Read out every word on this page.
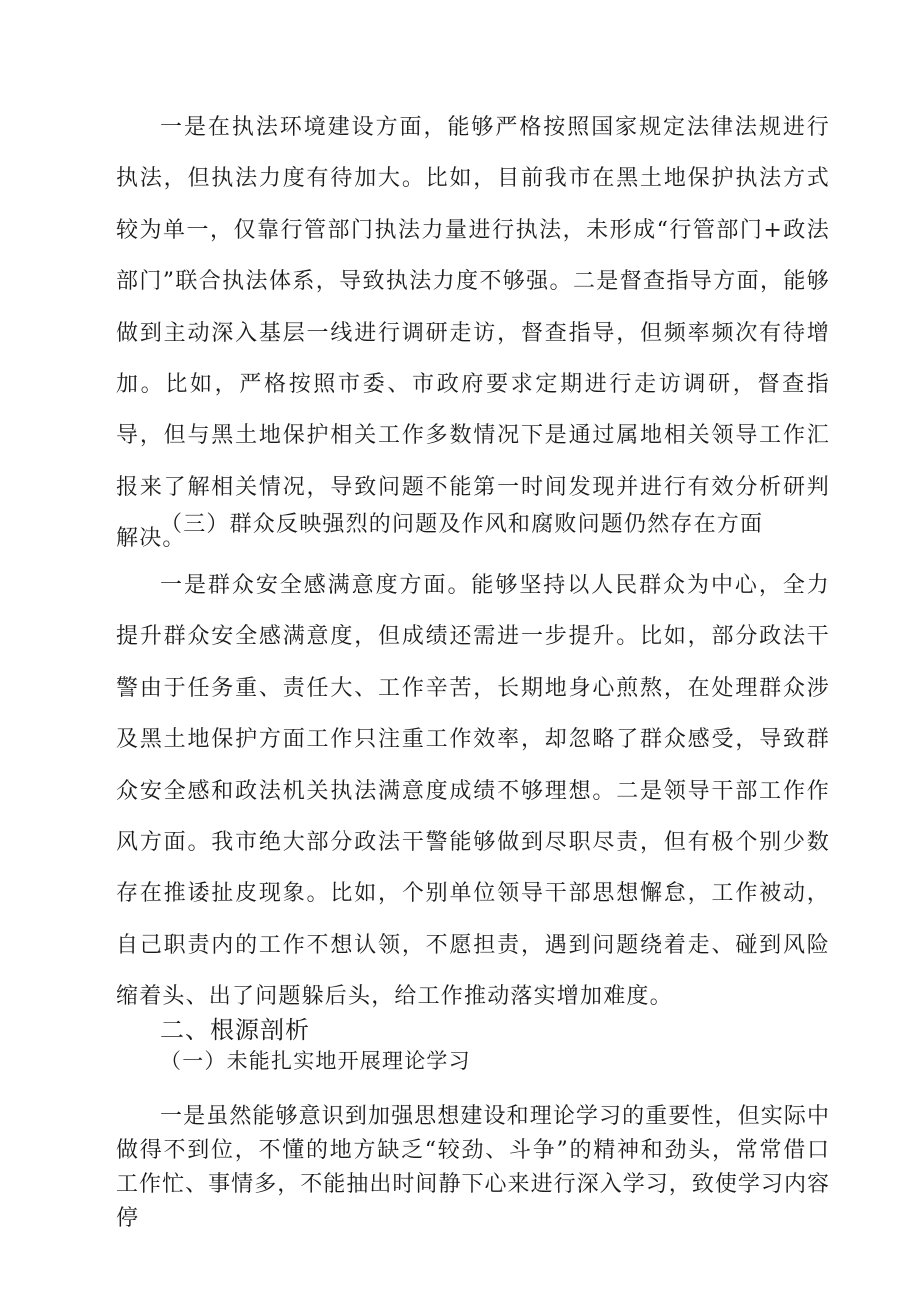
一是在执法环境建设方面，能够严格按照国家规定法律法规进行执法，但执法力度有待加大。比如，目前我市在黑土地保护执法方式较为单一，仅靠行管部门执法力量进行执法，未形成“行管部门+政法部门”联合执法体系，导致执法力度不够强。二是督查指导方面，能够做到主动深入基层一线进行调研走访，督查指导，但频率频次有待增加。比如，严格按照市委、市政府要求定期进行走访调研，督查指导，但与黑土地保护相关工作多数情况下是通过属地相关领导工作汇报来了解相关情况，导致问题不能第一时间发现并进行有效分析研判解决。

（三）群众反映强烈的问题及作风和腐败问题仍然存在方面

一是群众安全感满意度方面。能够坚持以人民群众为中心，全力提升群众安全感满意度，但成绩还需进一步提升。比如，部分政法干警由于任务重、责任大、工作辛苦，长期地身心煎熬，在处理群众涉及黑土地保护方面工作只注重工作效率，却忽略了群众感受，导致群众安全感和政法机关执法满意度成绩不够理想。二是领导干部工作作风方面。我市绝大部分政法干警能够做到尽职尽责，但有极个别少数存在推诿扯皮现象。比如，个别单位领导干部思想懈怠，工作被动，自己职责内的工作不想认领，不愿担责，遇到问题绕着走、碰到风险缩着头、出了问题躲后头，给工作推动落实增加难度。

二、根源剖析

（一）未能扎实地开展理论学习

一是虽然能够意识到加强思想建设和理论学习的重要性，但实际中做得不到位，不懂的地方缺乏“较劲、斗争”的精神和劲头，常常借口工作忙、事情多，不能抽出时间静下心来进行深入学习，致使学习内容停
